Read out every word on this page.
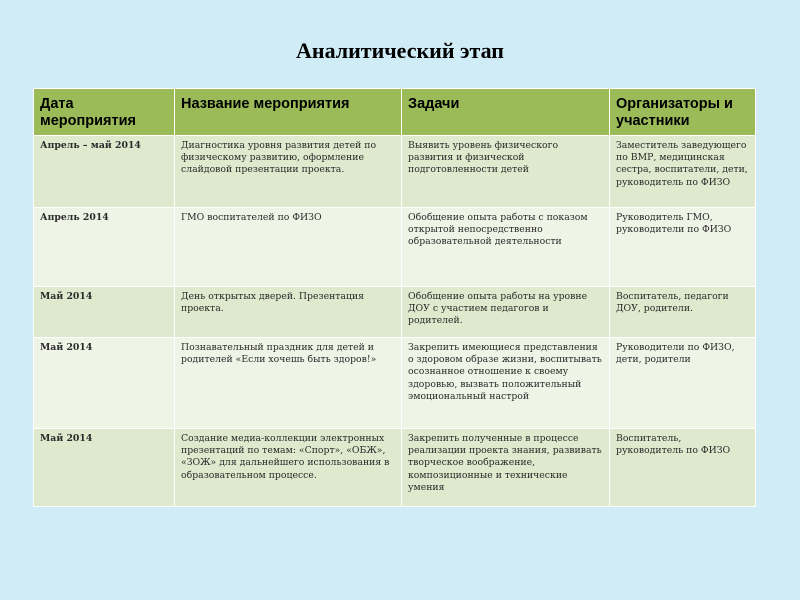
Аналитический этап
Дата мероприятия	Название мероприятия	Задачи	Организаторы и участники
Апрель – май 2014	Диагностика уровня развития детей по физическому развитию, оформление слайдовой презентации проекта.	Выявить уровень физического развития и физической подготовленности детей	Заместитель заведующего по ВМР, медицинская сестра, воспитатели, дети, руководитель по ФИЗО
Апрель 2014	ГМО воспитателей по ФИЗО	Обобщение опыта работы с показом открытой непосредственно образовательной деятельности	Руководитель ГМО, руководители по ФИЗО
Май 2014	День открытых дверей. Презентация проекта.	Обобщение опыта работы на уровне ДОУ с участием педагогов и родителей.	Воспитатель, педагоги ДОУ, родители.
Май 2014	Познавательный праздник для детей и родителей «Если хочешь быть здоров!»	Закрепить имеющиеся представления о здоровом образе жизни, воспитывать осознанное отношение к своему здоровью, вызвать положительный эмоциональный настрой	Руководители по ФИЗО, дети, родители
Май 2014	Создание медиа-коллекции электронных презентаций по темам: «Спорт», «ОБЖ», «ЗОЖ» для дальнейшего использования в образовательном процессе.	Закрепить полученные в процессе реализации проекта знания, развивать творческое воображение, композиционные и технические умения	Воспитатель, руководитель по ФИЗО
